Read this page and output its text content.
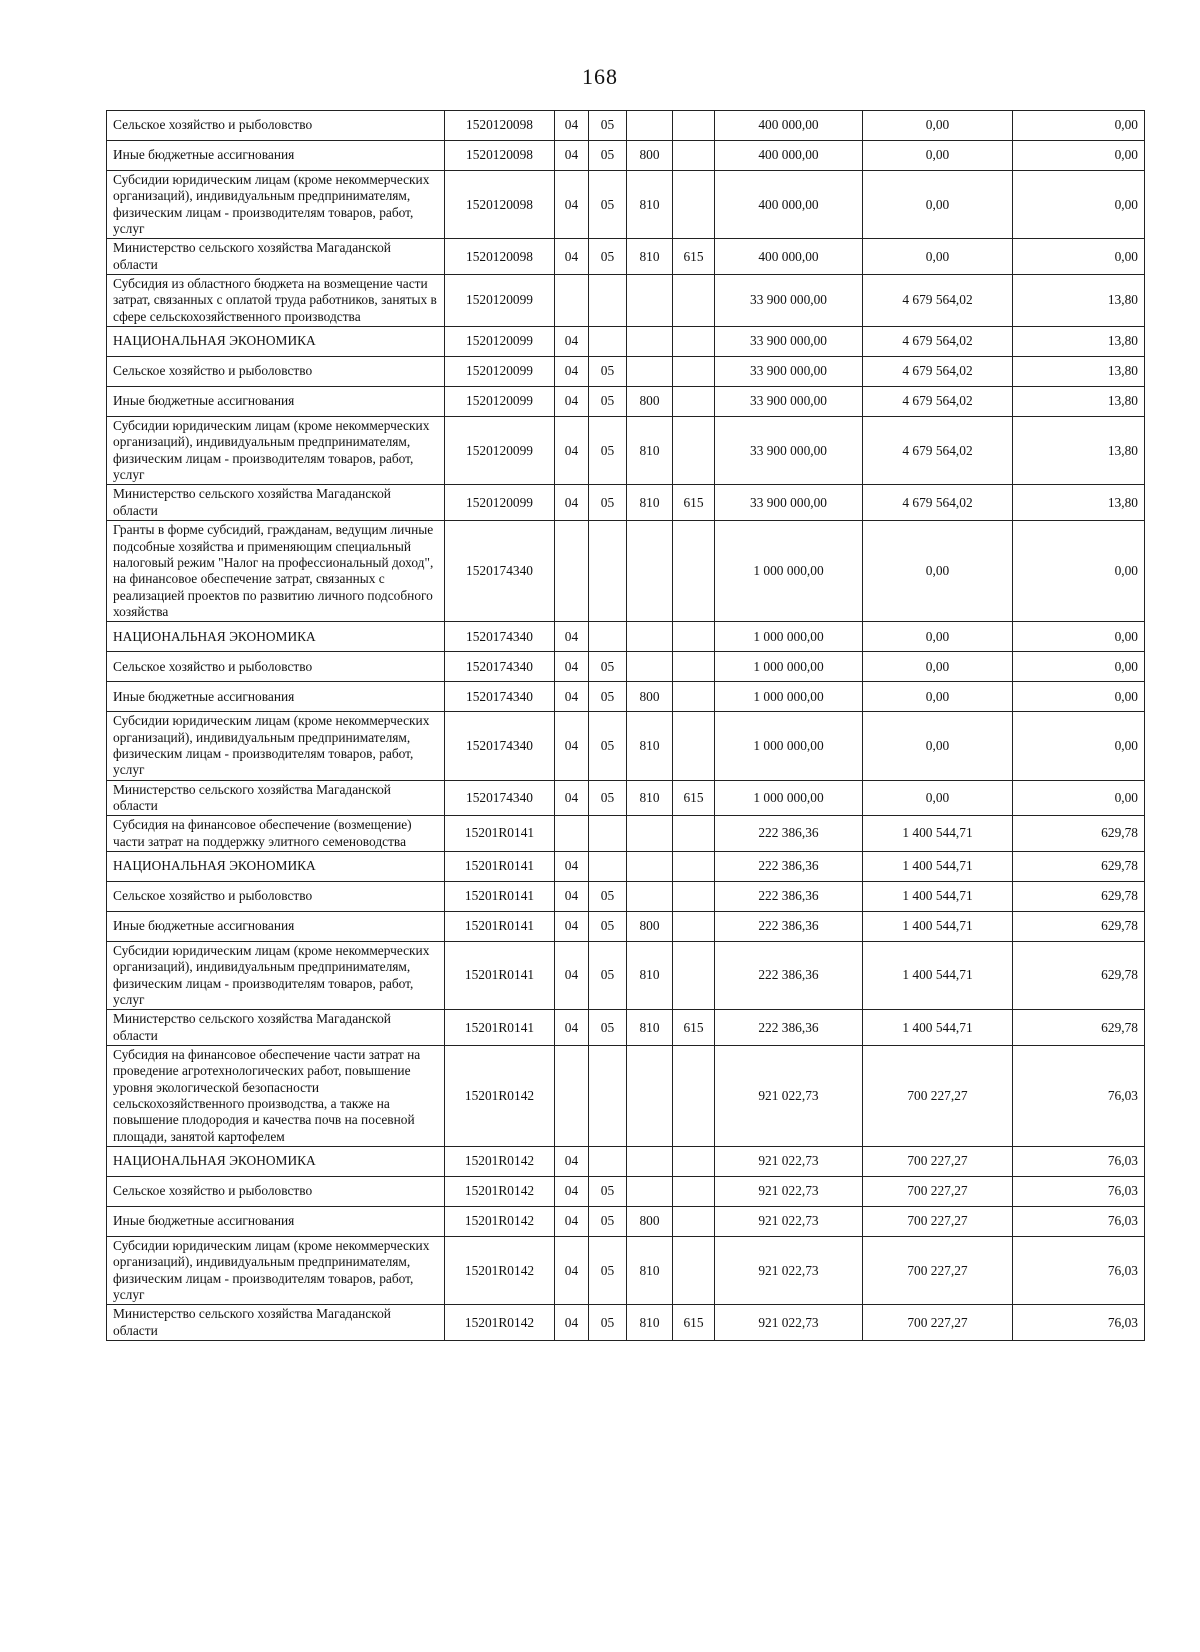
168
Сельское хозяйство и рыболовство	1520120098	04	05			400 000,00	0,00	0,00
Иные бюджетные ассигнования	1520120098	04	05	800		400 000,00	0,00	0,00
Субсидии юридическим лицам (кроме некоммерческих организаций), индивидуальным предпринимателям, физическим лицам - производителям товаров, работ, услуг	1520120098	04	05	810		400 000,00	0,00	0,00
Министерство сельского хозяйства Магаданской области	1520120098	04	05	810	615	400 000,00	0,00	0,00
Субсидия из областного бюджета на возмещение части затрат, связанных с оплатой труда работников, занятых в сфере сельскохозяйственного производства	1520120099					33 900 000,00	4 679 564,02	13,80
НАЦИОНАЛЬНАЯ ЭКОНОМИКА	1520120099	04				33 900 000,00	4 679 564,02	13,80
Сельское хозяйство и рыболовство	1520120099	04	05			33 900 000,00	4 679 564,02	13,80
Иные бюджетные ассигнования	1520120099	04	05	800		33 900 000,00	4 679 564,02	13,80
Субсидии юридическим лицам (кроме некоммерческих организаций), индивидуальным предпринимателям, физическим лицам - производителям товаров, работ, услуг	1520120099	04	05	810		33 900 000,00	4 679 564,02	13,80
Министерство сельского хозяйства Магаданской области	1520120099	04	05	810	615	33 900 000,00	4 679 564,02	13,80
Гранты в форме субсидий, гражданам, ведущим личные подсобные хозяйства и применяющим специальный налоговый режим "Налог на профессиональный доход", на финансовое обеспечение затрат, связанных с реализацией проектов по развитию личного подсобного хозяйства	1520174340					1 000 000,00	0,00	0,00
НАЦИОНАЛЬНАЯ ЭКОНОМИКА	1520174340	04				1 000 000,00	0,00	0,00
Сельское хозяйство и рыболовство	1520174340	04	05			1 000 000,00	0,00	0,00
Иные бюджетные ассигнования	1520174340	04	05	800		1 000 000,00	0,00	0,00
Субсидии юридическим лицам (кроме некоммерческих организаций), индивидуальным предпринимателям, физическим лицам - производителям товаров, работ, услуг	1520174340	04	05	810		1 000 000,00	0,00	0,00
Министерство сельского хозяйства Магаданской области	1520174340	04	05	810	615	1 000 000,00	0,00	0,00
Субсидия на финансовое обеспечение (возмещение) части затрат на поддержку элитного семеноводства	15201R0141					222 386,36	1 400 544,71	629,78
НАЦИОНАЛЬНАЯ ЭКОНОМИКА	15201R0141	04				222 386,36	1 400 544,71	629,78
Сельское хозяйство и рыболовство	15201R0141	04	05			222 386,36	1 400 544,71	629,78
Иные бюджетные ассигнования	15201R0141	04	05	800		222 386,36	1 400 544,71	629,78
Субсидии юридическим лицам (кроме некоммерческих организаций), индивидуальным предпринимателям, физическим лицам - производителям товаров, работ, услуг	15201R0141	04	05	810		222 386,36	1 400 544,71	629,78
Министерство сельского хозяйства Магаданской области	15201R0141	04	05	810	615	222 386,36	1 400 544,71	629,78
Субсидия на финансовое обеспечение части затрат на проведение агротехнологических работ, повышение уровня экологической безопасности сельскохозяйственного производства, а также на повышение плодородия и качества почв на посевной площади, занятой картофелем	15201R0142					921 022,73	700 227,27	76,03
НАЦИОНАЛЬНАЯ ЭКОНОМИКА	15201R0142	04				921 022,73	700 227,27	76,03
Сельское хозяйство и рыболовство	15201R0142	04	05			921 022,73	700 227,27	76,03
Иные бюджетные ассигнования	15201R0142	04	05	800		921 022,73	700 227,27	76,03
Субсидии юридическим лицам (кроме некоммерческих организаций), индивидуальным предпринимателям, физическим лицам - производителям товаров, работ, услуг	15201R0142	04	05	810		921 022,73	700 227,27	76,03
Министерство сельского хозяйства Магаданской области	15201R0142	04	05	810	615	921 022,73	700 227,27	76,03
